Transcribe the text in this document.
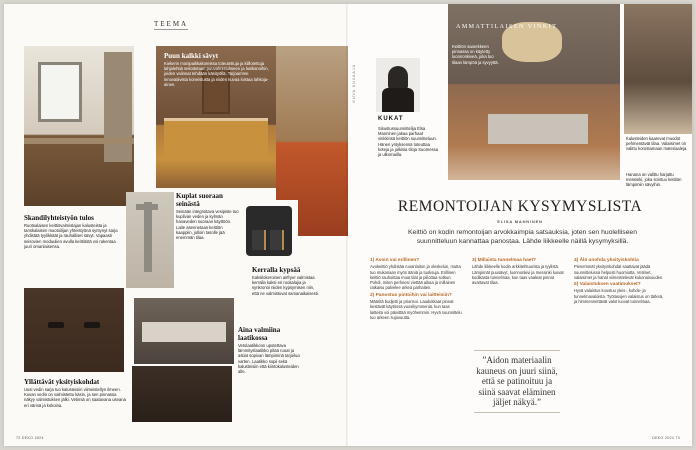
TEEMA
Puun kalkki sävyt
Kiekerin monipaikkakoreissa toteutettuja ja kiillotettuja lahjalehtiä sekoitetaan puuvalmistukseen ja lasikanoihin, joiden valinnat tehdään käsityöllä. Tarjoamme innovatiivista koneistusta ja niiden kuvaa loistaa lahkoja-ainen.
Skandilyhteistyön tulos
Ruotsalaisen keittiövalmistajan kalusteista ja tanskalaisen muotoilijan yhteistyönä syntynyt sarja yhdistää tyylikkäät ja rauhalliset sävyt. Vapaasti seisovien moduulien avulla keittiöstä voi rakentaa juuri omanlaisensa.
Kuplat suoraan seinästä
Seinään integroitava vesipiste tuo kuplivan veden ja kylmän hanaveden suoraan käyttöön. Laite asennetaan keittiön kaappiin, jolloin tasolle jää enemmän tilaa.
Kerralla kypsää
Kaksilokeroinen airfryer valmistaa kerralla kaksi eri ruokalajia ja synkronoi niiden kypsymisen niin, että ne valmistuvat samanaikaisesti.
Aina valmiina laatikossa
Vetolaatikkoon upotettava lämmityslaatikko pitää ruoat ja astiat sopivan lämpiminä tarjoilua varten. Laatikko sopii sekä kalusteisiin että kiintokalusteiden alle.
Yllättävät yksityiskohdat
Uusi vedin sarja tuo kalusteisiin viimeistellyn ilmeen. Kuvan vedin on valmistettu käsin, ja sen pinnassa näkyy valmistuksen jälki. Vetimiä on saatavana useana eri värinä ja kokoina.
72 DEKO 2024
KUVA KUVAAJA
KUKAT
Sisustussuunnittelija Elsa Manninen jakaa parhaat vinkkinsä keittiön suunnitteluun. Hänen yrityksensä toteuttaa koteja ja julkisia tiloja Suomessa ja ulkomailla.
AMMATTILAISEN VINKIT
Keittiön saarekkeen pinnassa on käytetty luonnonkiveä, joka tuo tilaan lämpöä ja syvyyttä.
Kalusteiden kaarevat muodot pehmentävät tilaa. Valaisimet on valittu korostamaan materiaaleja.
Hanana on valittu harjattu messinki, joka sointuu keittiön lämpimiin sävyihin.
REMONTOIJAN KYSYMYSLISTA
ELISA MANNINEN
Keittiö on kodin remontoijan arvokkaimpia satsauksia, joten sen huolelliseen suunnitteluun kannattaa panostaa. Lähde liikkeelle näillä kysymyksillä.
1) Avoin vai erillinen?

Avokeittiö yhdistää ruoanlaiton ja oleskelun, mutta tuo mukanaan myös ääniä ja tuoksuja. Erillinen keittiö rauhoittaa muut tilat ja piilottaa sotkun. Pohdi, miten perheesi viettää aikaa ja millainen ratkaisu palvelee arkea parhaiten.

2) Panostus pintoihin vai laitteisiin?

Määritä budjetti ja priorisoi. Laadukkaat pinnat kestävät käytössä vuosikymmeniä, kun taas laitteita voi päivittää myöhemmin. Hyvä suunnittelu tuo arkeen sujuvuutta.

3) Millaista tunnelmaa haet?

Lähde liikkeelle kodin arkkitehtuurista ja tyylistä. Lämpimät puusävyt, luonnonkivi ja messinki luovat kodikasta tunnelmaa, kun taas vaaleat pinnat avartavat tilaa.

”Aidon materiaalin kauneus on juuri siinä, että se patinoituu ja siinä saavat eläminen jäljet näkyä.”
4) Ålä unohda yksityiskohtia

Pienemmät yksityiskohdat saattavat jäädä suunnittelussa helposti huomiotta. Vetimet, valaisimet ja hanat viimeistelevät kokonaisuuden.

5) Valaistuksen vaatimukset?

Hyvä valaistus koostuu yleis-, kohde- ja tunnelmavaloista. Työtasojen valaistus on tärkeä, ja himmennettävät valot luovat tunnelmaa.

DEKO 2024 73
